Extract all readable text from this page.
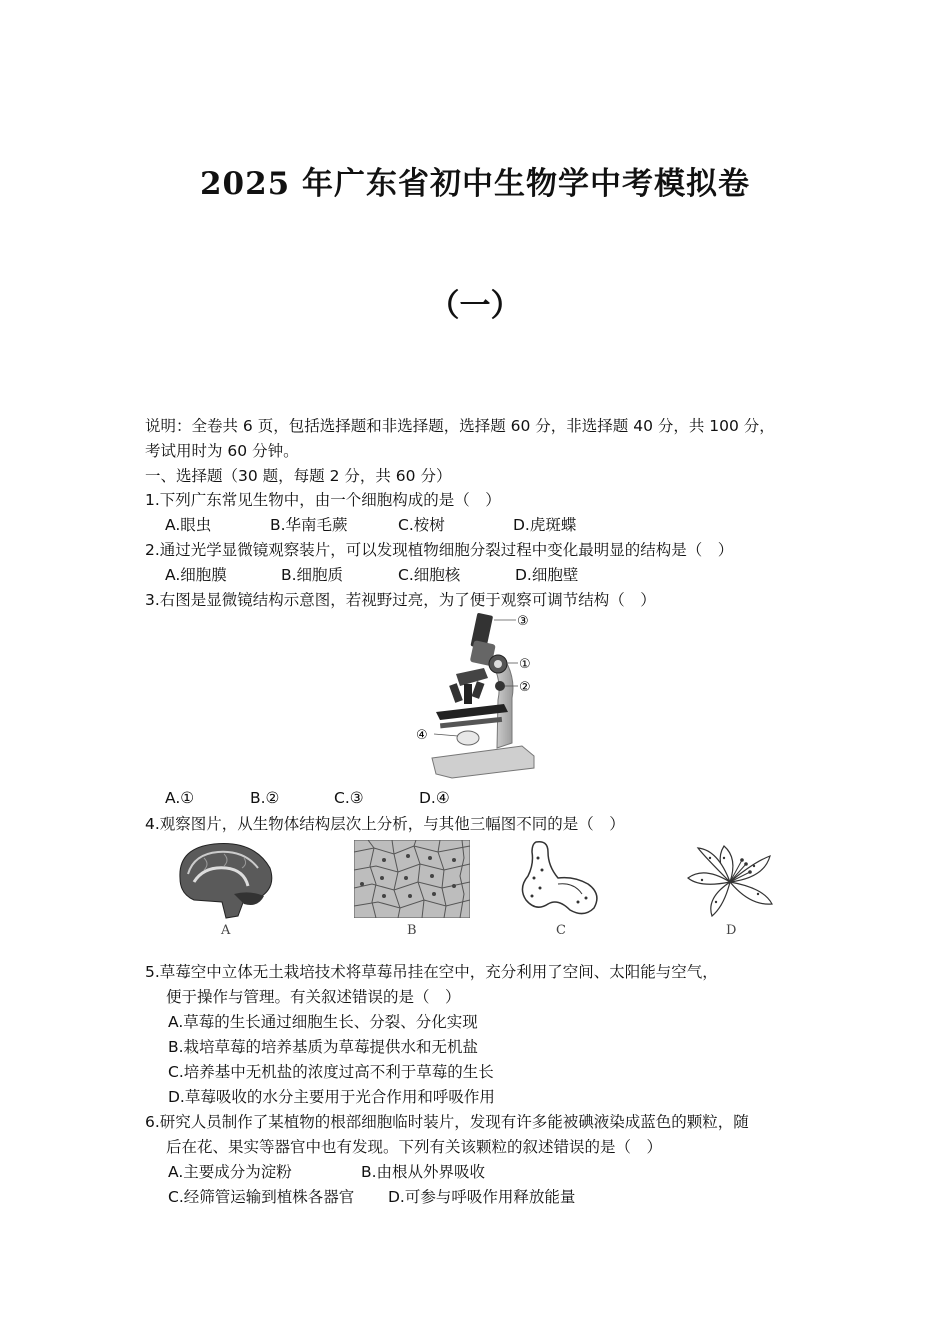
2025 年广东省初中生物学中考模拟卷
（一）
说明：全卷共 6 页，包括选择题和非选择题，选择题 60 分，非选择题 40 分，共 100 分，
考试用时为 60 分钟。
一、选择题（30 题，每题 2 分，共 60 分）
1.下列广东常见生物中，由一个细胞构成的是（　）
A.眼虫	B.华南毛蕨	C.桉树	D.虎斑蝶
2.通过光学显微镜观察装片，可以发现植物细胞分裂过程中变化最明显的结构是（　）
A.细胞膜	B.细胞质	C.细胞核	D.细胞壁
3.右图是显微镜结构示意图，若视野过亮，为了便于观察可调节结构（　）
③
①
②
④
A.①	B.②	C.③	D.④
4.观察图片，从生物体结构层次上分析，与其他三幅图不同的是（　）
A	B	C	D
5.草莓空中立体无土栽培技术将草莓吊挂在空中，充分利用了空间、太阳能与空气，
便于操作与管理。有关叙述错误的是（　）
A.草莓的生长通过细胞生长、分裂、分化实现
B.栽培草莓的培养基质为草莓提供水和无机盐
C.培养基中无机盐的浓度过高不利于草莓的生长
D.草莓吸收的水分主要用于光合作用和呼吸作用
6.研究人员制作了某植物的根部细胞临时装片，发现有许多能被碘液染成蓝色的颗粒，随
后在花、果实等器官中也有发现。下列有关该颗粒的叙述错误的是（　）
A.主要成分为淀粉	B.由根从外界吸收
C.经筛管运输到植株各器官 D.可参与呼吸作用释放能量
